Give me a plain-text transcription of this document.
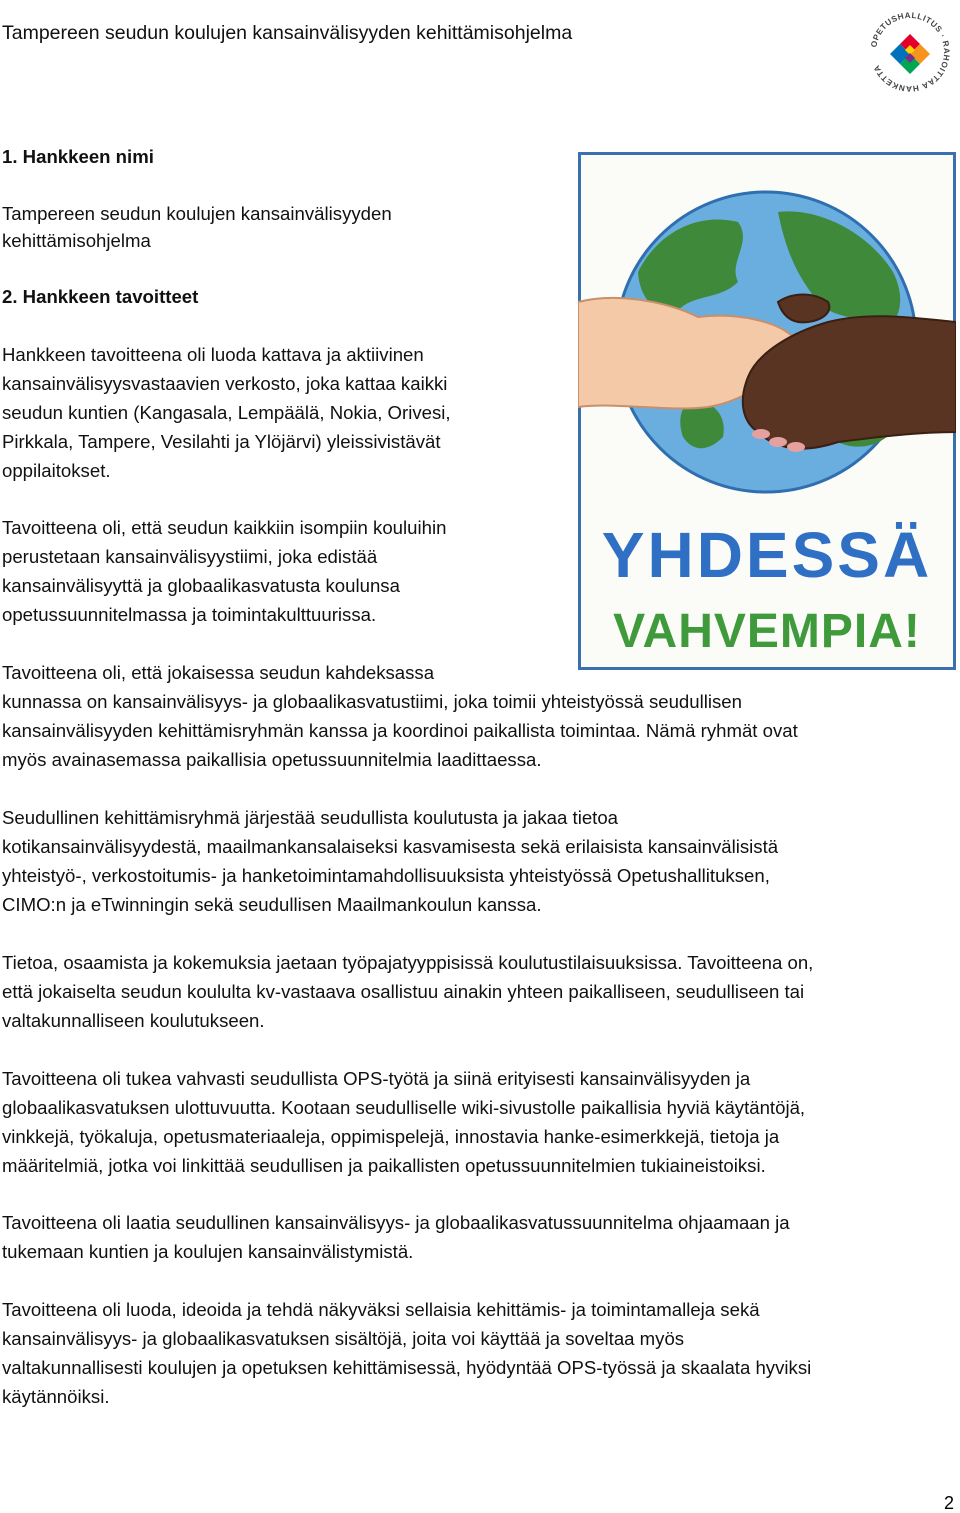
Tampereen seudun koulujen kansainvälisyyden kehittämisohjelma	OPETUSHALLITUS · RAHOITTAA HANKETTA
1. Hankkeen nimi
Tampereen seudun koulujen kansainvälisyyden
kehittämisohjelma
2. Hankkeen tavoitteet
Hankkeen tavoitteena oli luoda kattava ja aktiivinen
kansainvälisyysvastaavien verkosto, joka kattaa kaikki
seudun kuntien (Kangasala, Lempäälä, Nokia, Orivesi,
Pirkkala, Tampere, Vesilahti ja Ylöjärvi) yleissivistävät
oppilaitokset.
Tavoitteena oli, että seudun kaikkiin isompiin kouluihin
perustetaan kansainvälisyystiimi, joka edistää
kansainvälisyyttä ja globaalikasvatusta koulunsa
opetussuunnitelmassa ja toimintakulttuurissa.
Tavoitteena oli, että jokaisessa seudun kahdeksassa
kunnassa on kansainvälisyys- ja globaalikasvatustiimi, joka toimii yhteistyössä seudullisen
kansainvälisyyden kehittämisryhmän kanssa ja koordinoi paikallista toimintaa. Nämä ryhmät ovat
myös avainasemassa paikallisia opetussuunnitelmia laadittaessa.
Seudullinen kehittämisryhmä järjestää seudullista koulutusta ja jakaa tietoa
kotikansainvälisyydestä, maailmankansalaiseksi kasvamisesta sekä erilaisista kansainvälisistä
yhteistyö-, verkostoitumis- ja hanketoimintamahdollisuuksista yhteistyössä Opetushallituksen,
CIMO:n ja eTwinningin sekä seudullisen Maailmankoulun kanssa.
Tietoa, osaamista ja kokemuksia jaetaan työpajatyyppisissä koulutustilaisuuksissa. Tavoitteena on,
että jokaiselta seudun koululta kv-vastaava osallistuu ainakin yhteen paikalliseen, seudulliseen tai
valtakunnalliseen koulutukseen.
Tavoitteena oli tukea vahvasti seudullista OPS-työtä ja siinä erityisesti kansainvälisyyden ja
globaalikasvatuksen ulottuvuutta. Kootaan seudulliselle wiki-sivustolle paikallisia hyviä käytäntöjä,
vinkkejä, työkaluja, opetusmateriaaleja, oppimispelejä, innostavia hanke-esimerkkejä, tietoja ja
määritelmiä, jotka voi linkittää seudullisen ja paikallisten opetussuunnitelmien tukiaineistoiksi.
Tavoitteena oli laatia seudullinen kansainvälisyys- ja globaalikasvatussuunnitelma ohjaamaan ja
tukemaan kuntien ja koulujen kansainvälistymistä.
Tavoitteena oli luoda, ideoida ja tehdä näkyväksi sellaisia kehittämis- ja toimintamalleja sekä
kansainvälisyys- ja globaalikasvatuksen sisältöjä, joita voi käyttää ja soveltaa myös
valtakunnallisesti koulujen ja opetuksen kehittämisessä, hyödyntää OPS-työssä ja skaalata hyviksi
käytännöiksi.
YHDESSÄ
VAHVEMPIA!
2
